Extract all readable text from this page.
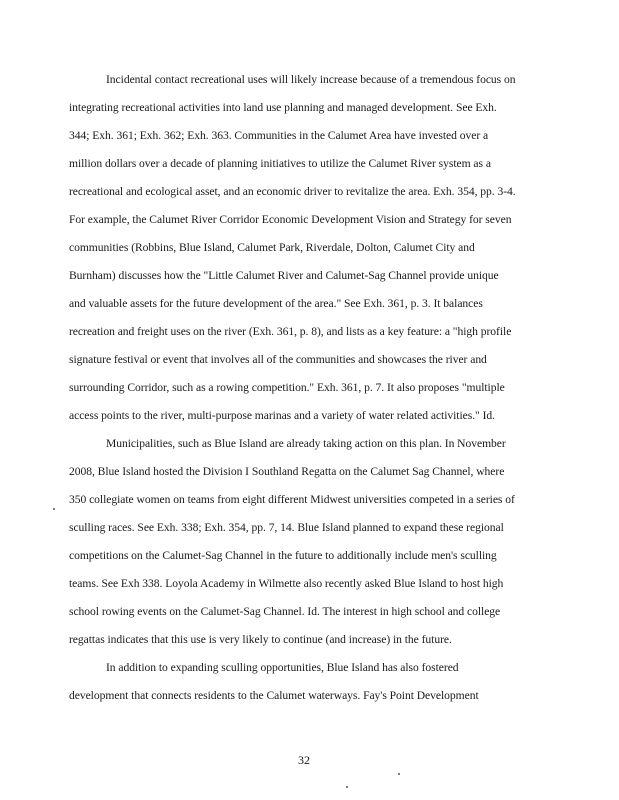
Incidental contact recreational uses will likely increase because of a tremendous focus on
integrating recreational activities into land use planning and managed development. See Exh.
344; Exh. 361; Exh. 362; Exh. 363. Communities in the Calumet Area have invested over a
million dollars over a decade of planning initiatives to utilize the Calumet River system as a
recreational and ecological asset, and an economic driver to revitalize the area. Exh. 354, pp. 3-4.
For example, the Calumet River Corridor Economic Development Vision and Strategy for seven
communities (Robbins, Blue Island, Calumet Park, Riverdale, Dolton, Calumet City and
Burnham) discusses how the "Little Calumet River and Calumet-Sag Channel provide unique
and valuable assets for the future development of the area." See Exh. 361, p. 3. It balances
recreation and freight uses on the river (Exh. 361, p. 8), and lists as a key feature: a "high profile
signature festival or event that involves all of the communities and showcases the river and
surrounding Corridor, such as a rowing competition." Exh. 361, p. 7. It also proposes "multiple
access points to the river, multi-purpose marinas and a variety of water related activities." Id.
Municipalities, such as Blue Island are already taking action on this plan. In November
2008, Blue Island hosted the Division I Southland Regatta on the Calumet Sag Channel, where
350 collegiate women on teams from eight different Midwest universities competed in a series of
sculling races. See Exh. 338; Exh. 354, pp. 7, 14. Blue Island planned to expand these regional
competitions on the Calumet-Sag Channel in the future to additionally include men's sculling
teams. See Exh 338. Loyola Academy in Wilmette also recently asked Blue Island to host high
school rowing events on the Calumet-Sag Channel. Id. The interest in high school and college
regattas indicates that this use is very likely to continue (and increase) in the future.
In addition to expanding sculling opportunities, Blue Island has also fostered
development that connects residents to the Calumet waterways. Fay's Point Development
32
